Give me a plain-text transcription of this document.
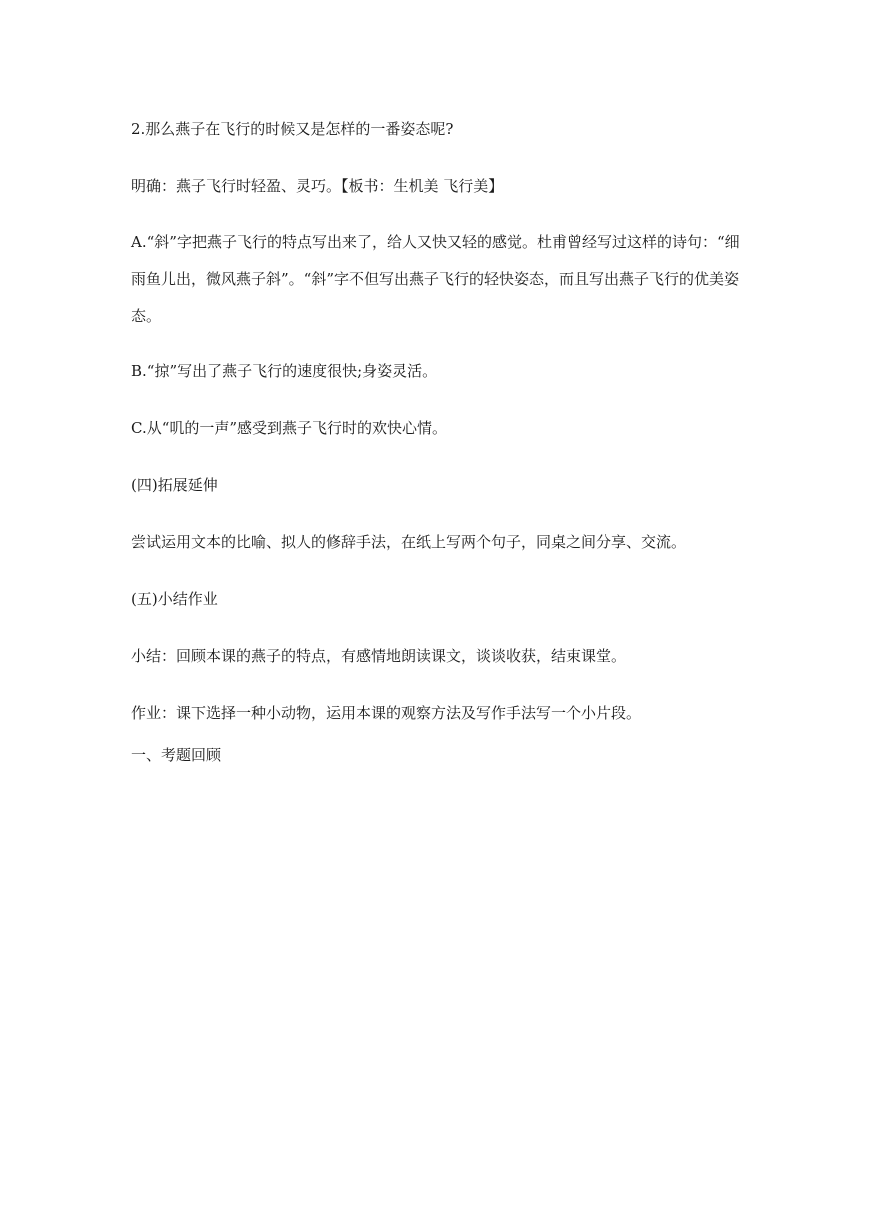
2.那么燕子在飞行的时候又是怎样的一番姿态呢?
明确：燕子飞行时轻盈、灵巧。【板书：生机美 飞行美】
A.“斜”字把燕子飞行的特点写出来了，给人又快又轻的感觉。杜甫曾经写过这样的诗句：“细雨鱼儿出，微风燕子斜”。“斜”字不但写出燕子飞行的轻快姿态，而且写出燕子飞行的优美姿态。
B.“掠”写出了燕子飞行的速度很快;身姿灵活。
C.从“叽的一声”感受到燕子飞行时的欢快心情。
(四)拓展延伸
尝试运用文本的比喻、拟人的修辞手法，在纸上写两个句子，同桌之间分享、交流。
(五)小结作业
小结：回顾本课的燕子的特点，有感情地朗读课文，谈谈收获，结束课堂。
作业：课下选择一种小动物，运用本课的观察方法及写作手法写一个小片段。
一、考题回顾
